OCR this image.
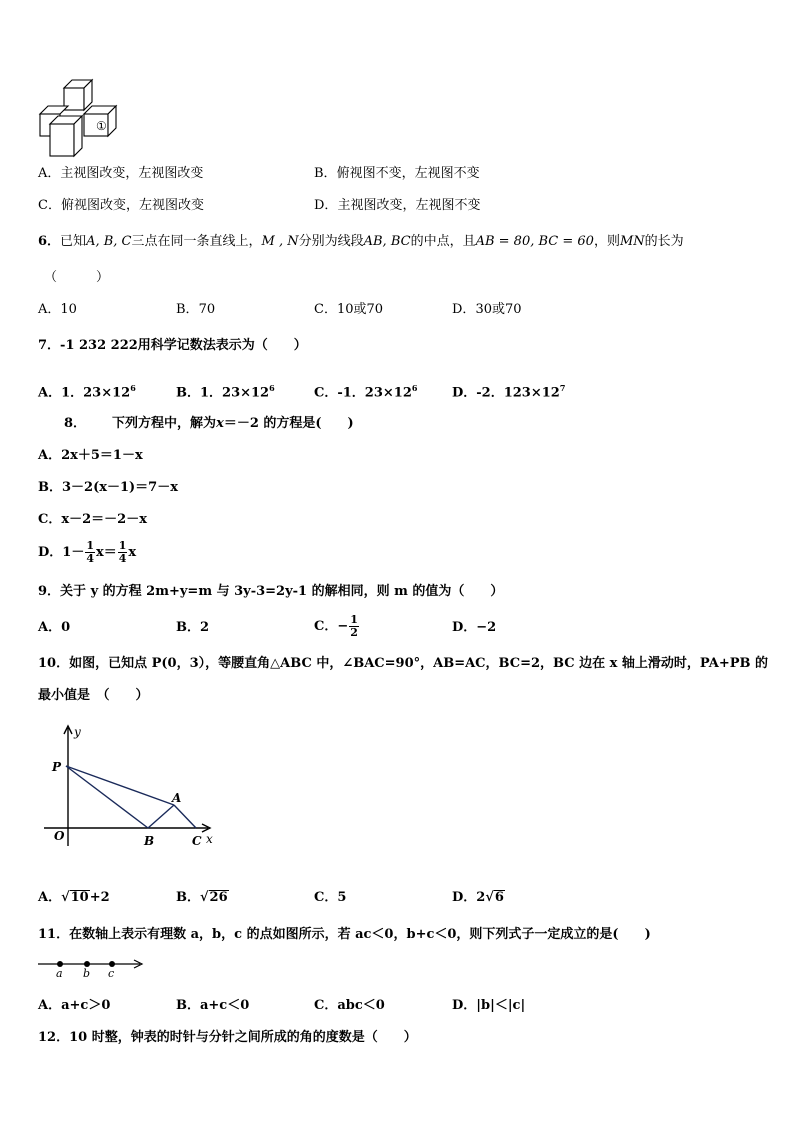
①
A．主视图改变，左视图改变	B．俯视图不变，左视图不变
C．俯视图改变，左视图改变	D．主视图改变，左视图不变
6．已知A, B, C三点在同一条直线上，M , N分别为线段AB, BC的中点，且AB = 80, BC = 60，则MN的长为
（　　　）
A．10	B．70	C．10或70	D．30或70
7．-1 232 222用科学记数法表示为（　　）
A．1．$23\times 12^6$	B．1．$23\times 12^6$	C．-1．$23\times 12^6$	D．-2．$123\times 12^7$
8． 下列方程中，解为x＝－2 的方程是(　　)
A．2x＋5＝1－x
B．3－2(x－1)＝7－x
C．x－2＝－2－x
D．$1- \frac{1}{4} x= \frac{1}{4}$ x
9．关于 y 的方程 2m+y=m 与 3y-3=2y-1 的解相同，则 m 的值为（　　）
A．0	B．2	C．− $\frac{1}{2}$	D．−2
10．如图，已知点 P(0，3），等腰直角△ABC 中，∠BAC=90°，AB=AC，BC=2，BC 边在 x 轴上滑动时，PA+PB 的
最小值是　（　　）
y
P
A
O	B	C x
A．√10+2	B．√26	C．5	D．2√6
11．在数轴上表示有理数 a，b，c 的点如图所示，若 ac＜0，b+c＜0，则下列式子一定成立的是(　　)
a b c
A．a+c＞0	B．a+c＜0	C．abc＜0	D．|b|＜|c|
12．10 时整，钟表的时针与分针之间所成的角的度数是（　　）
